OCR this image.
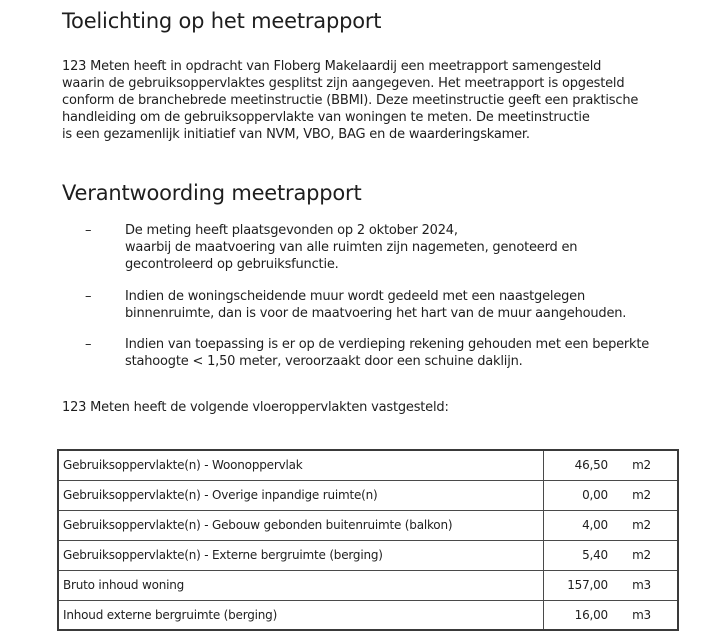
Toelichting op het meetrapport
123 Meten heeft in opdracht van Floberg Makelaardij een meetrapport samengesteld
waarin de gebruiksoppervlaktes gesplitst zijn aangegeven. Het meetrapport is opgesteld
conform de branchebrede meetinstructie (BBMI). Deze meetinstructie geeft een praktische
handleiding om de gebruiksoppervlakte van woningen te meten. De meetinstructie
is een gezamenlijk initiatief van NVM, VBO, BAG en de waarderingskamer.
Verantwoording meetrapport
–	De meting heeft plaatsgevonden op 2 oktober 2024,
waarbij de maatvoering van alle ruimten zijn nagemeten, genoteerd en
gecontroleerd op gebruiksfunctie.
–	Indien de woningscheidende muur wordt gedeeld met een naastgelegen
binnenruimte, dan is voor de maatvoering het hart van de muur aangehouden.
–	Indien van toepassing is er op de verdieping rekening gehouden met een beperkte
stahoogte < 1,50 meter, veroorzaakt door een schuine daklijn.
123 Meten heeft de volgende vloeroppervlakten vastgesteld:
Gebruiksoppervlakte(n) - Woonoppervlak	46,50 m2

Gebruiksoppervlakte(n) - Overige inpandige ruimte(n)	0,00 m2

Gebruiksoppervlakte(n) - Gebouw gebonden buitenruimte (balkon)	4,00 m2

Gebruiksoppervlakte(n) - Externe bergruimte (berging)	5,40 m2

Bruto inhoud woning	157,00 m3

Inhoud externe bergruimte (berging)	16,00 m3
